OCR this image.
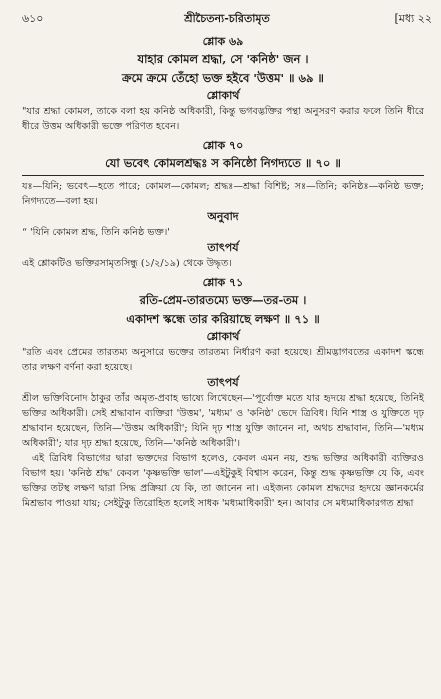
৬১০	শ্রীচৈতন্য-চরিতামৃত	[মধ্য ২২

শ্লোক ৬৯

যাহার কোমল শ্রদ্ধা, সে 'কনিষ্ঠ' জন ।

ক্রমে ক্রমে তেঁহো ভক্ত হইবে 'উত্তম' ॥ ৬৯ ॥

শ্লোকার্থ

"যার শ্রদ্ধা কোমল, তাকে বলা হয় কনিষ্ঠ অধিকারী, কিন্তু ভগবদ্ভক্তির পন্থা অনুসরণ করার ফলে তিনি ধীরে ধীরে উত্তম অধিকারী ভক্তে পরিণত হবেন।

শ্লোক ৭০

যো ভবেৎ কোমলশ্রদ্ধঃ স কনিষ্ঠো নিগদ্যতে ॥ ৭০ ॥

যঃ—যিনি; ভবেৎ—হতে পারে; কোমল—কোমল; শ্রদ্ধঃ—শ্রদ্ধা বিশিষ্ট; সঃ—তিনি; কনিষ্ঠঃ—কনিষ্ঠ ভক্ত; নিগদ্যতে—বলা হয়।

অনুবাদ

“ 'যিনি কোমল শ্রদ্ধ, তিনি কনিষ্ঠ ভক্ত।'

তাৎপর্য

এই শ্লোকটিও ভক্তিরসামৃতসিন্ধু (১/২/১৯) থেকে উদ্ধৃত।

শ্লোক ৭১

রতি-প্রেম-তারতম্যে ভক্ত—তর-তম ।

একাদশ স্কন্ধে তার করিয়াছে লক্ষণ ॥ ৭১ ॥

শ্লোকার্থ

"রতি এবং প্রেমের তারতম্য অনুসারে ভক্তের তারতম্য নির্ধারণ করা হয়েছে। শ্রীমদ্ভাগবতের একাদশ স্কন্ধে তার লক্ষণ বর্ণনা করা হয়েছে।

তাৎপর্য

শ্রীল ভক্তিবিনোদ ঠাকুর তাঁর অমৃত-প্রবাহ ভাষ্যে লিখেছেন—'পূর্বোক্ত মতে যার হৃদয়ে শ্রদ্ধা হয়েছে, তিনিই ভক্তির অধিকারী। সেই শ্রদ্ধাবান ব্যক্তিরা 'উত্তম', 'মধ্যম' ও 'কনিষ্ঠ' ভেদে ত্রিবিধ। যিনি শাস্ত্র ও যুক্তিতে দৃঢ় শ্রদ্ধাবান হয়েছেন, তিনি—'উত্তম অধিকারী'; যিনি দৃঢ় শাস্ত্র যুক্তি জানেন না, অথচ শ্রদ্ধাবান, তিনি—'মধ্যম অধিকারী'; যার দৃঢ় শ্রদ্ধা হয়েছে, তিনি—'কনিষ্ঠ অধিকারী'।

এই ত্রিবিধ বিভাগের দ্বারা ভক্তদের বিভাগ হলেও, কেবল এমন নয়, শুদ্ধ ভক্তির অধিকারী ব্যক্তিরও বিভাগ হয়। 'কনিষ্ঠ শ্রদ্ধ' কেবল 'কৃষ্ণভক্তি ভাল'—এইটুকুই বিশ্বাস করেন, কিন্তু শুদ্ধ কৃষ্ণভক্তি যে কি, এবং ভক্তির তটস্থ লক্ষণ দ্বারা সিদ্ধ প্রক্রিয়া যে কি, তা জানেন না। এইজন্য কোমল শ্রদ্ধদের হৃদয়ে জ্ঞানকর্মের মিশ্রভাব পাওয়া যায়; সেইটুকু তিরোহিত হলেই সাধক 'মধ্যমাধিকারী' হন। আবার সে মধ্যমাধিকারগত শ্রদ্ধা
